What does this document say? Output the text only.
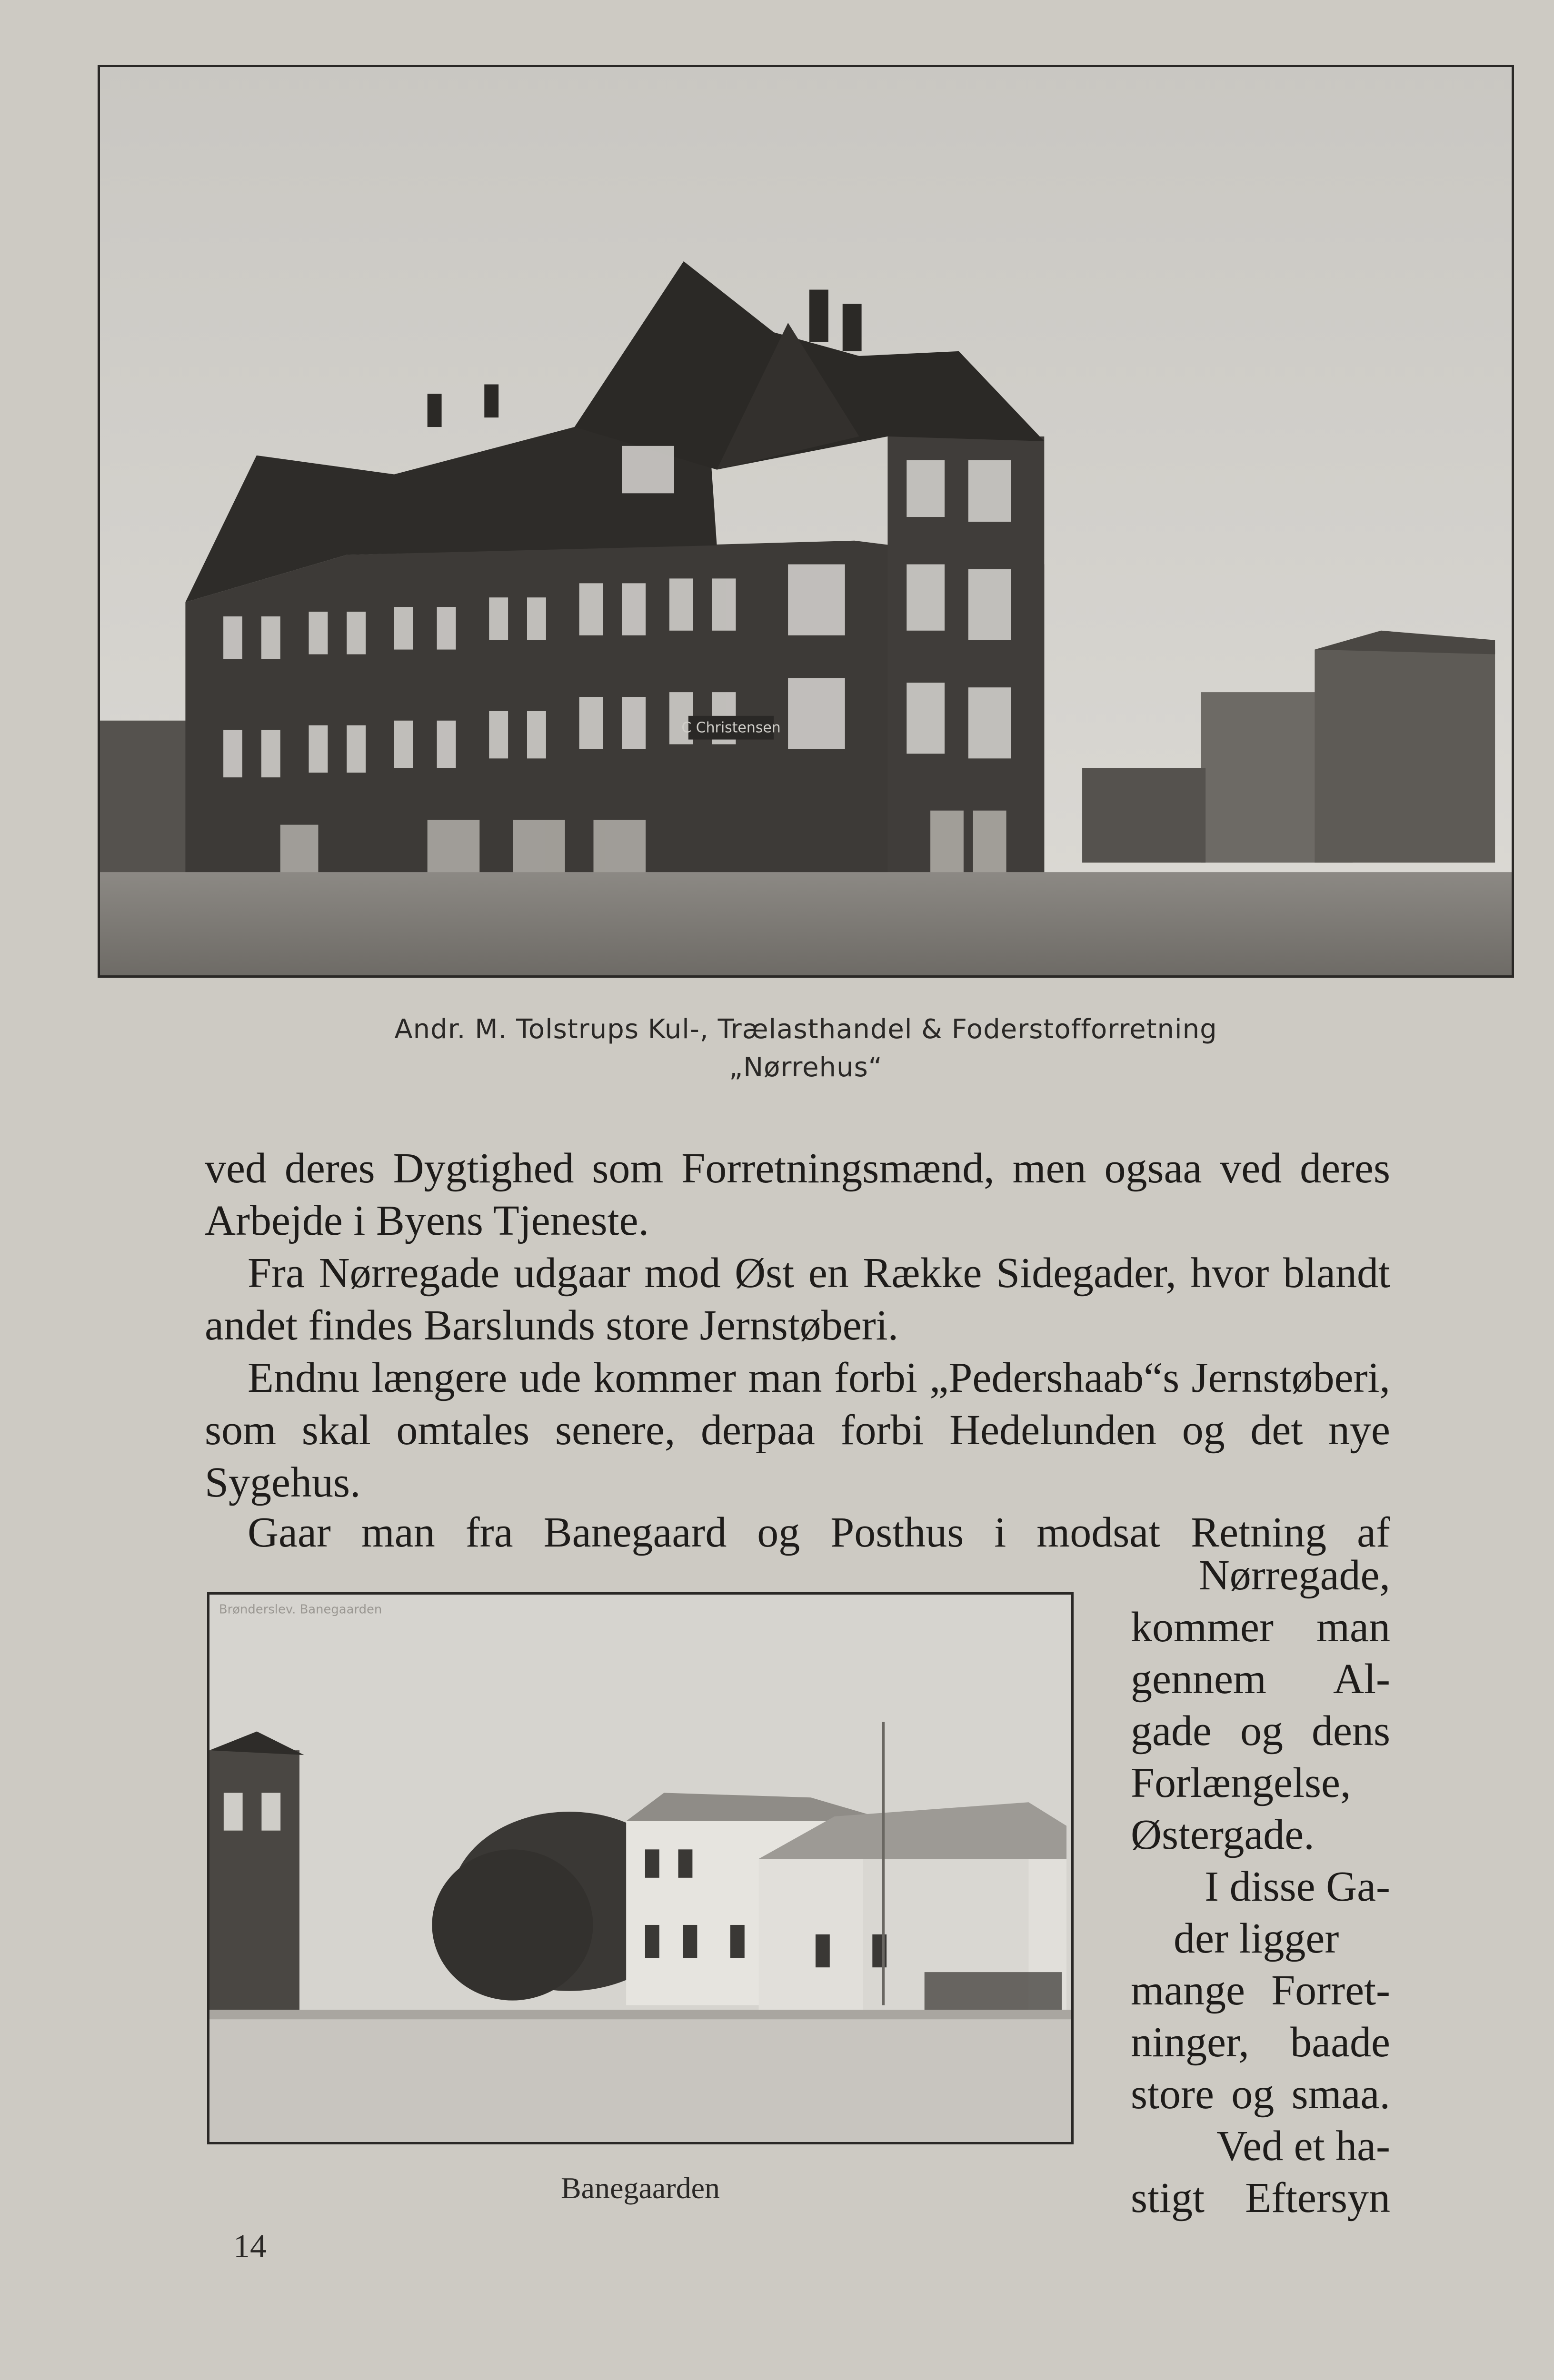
C Christensen
Andr. M. Tolstrups Kul-, Trælasthandel & Foderstofforretning
„Nørrehus“

ved deres Dygtighed som Forretningsmænd, men ogsaa ved deres Arbejde i Byens Tjeneste.

Fra Nørregade udgaar mod Øst en Række Sidegader, hvor blandt andet findes Barslunds store Jernstøberi.

Endnu længere ude kommer man forbi „Pedershaab“s Jernstøberi, som skal omtales senere, derpaa forbi Hedelunden og det nye Sygehus.

Gaar man fra Banegaard og Posthus i modsat Retning af

Brønderslev. Banegaarden
Banegaarden
Nørregade,
kommer man
gennem Al-
gade og dens
Forlængelse,
Østergade.
I disse Ga-
der ligger
mange Forret-
ninger, baade
store og smaa.
Ved et ha-
stigt Eftersyn
14
